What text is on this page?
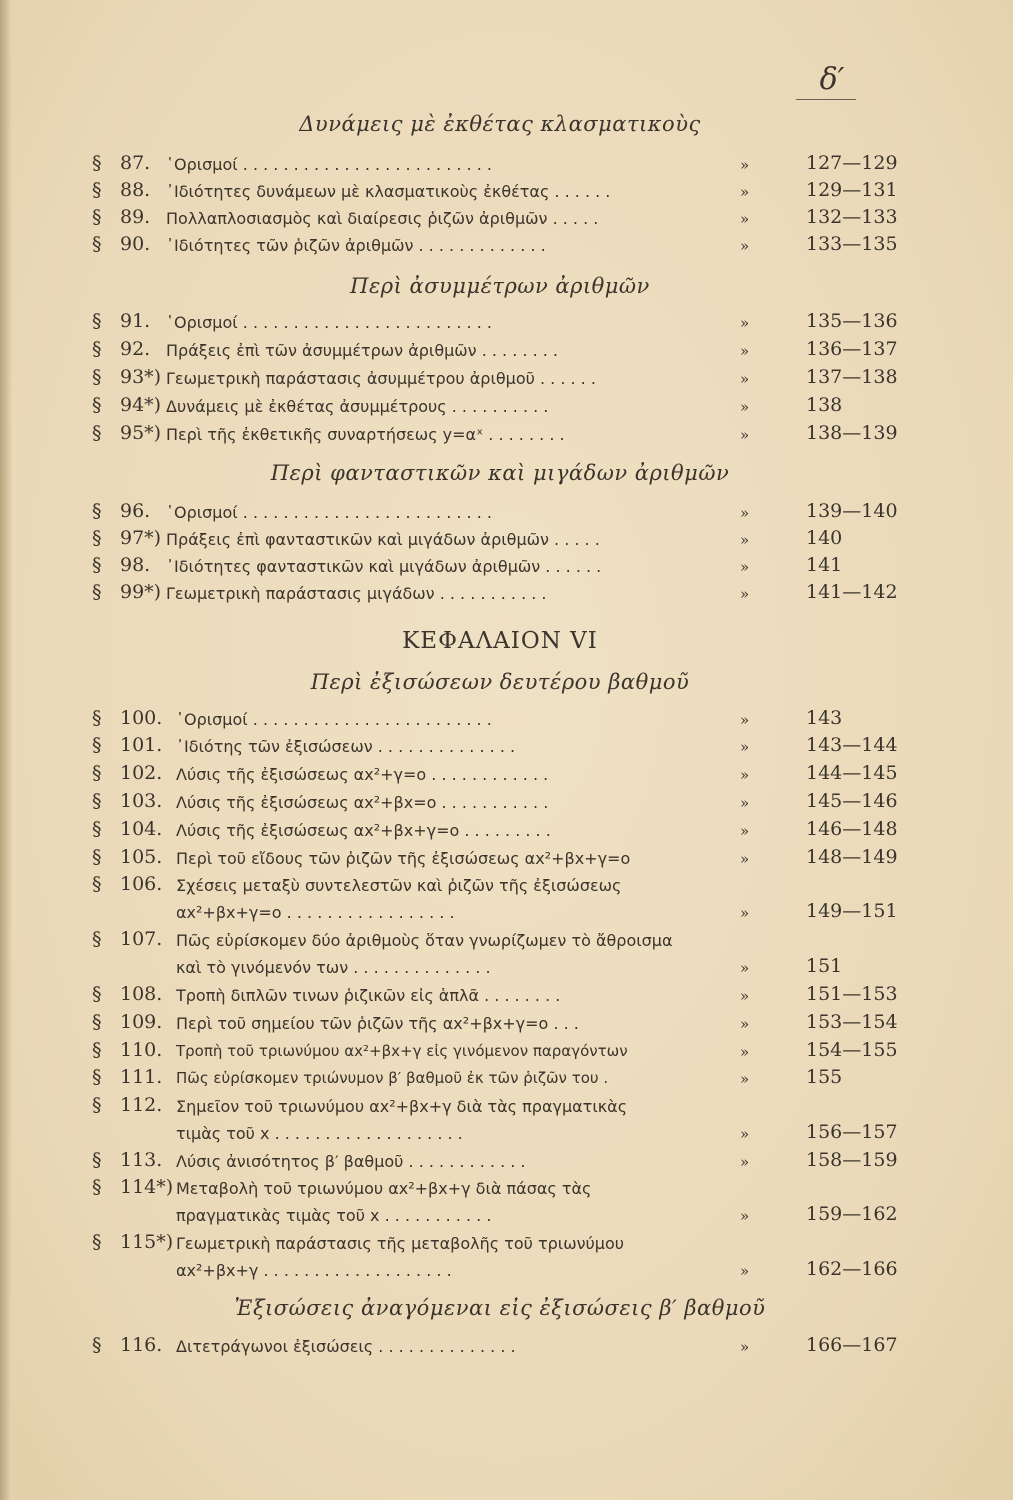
δ′
Δυνάμεις μὲ ἐκθέτας κλασματικοὺς
§ 87. ῾Ορισμοί . . . . . . . . . . . . . . . . . . . . . . . . .	»	127—129
§ 88. ᾿Ιδιότητες δυνάμεων μὲ κλασματικοὺς ἐκθέτας . . . . . .	»	129—131
§ 89. Πολλαπλοσιασμὸς καὶ διαίρεσις ῥιζῶν ἀριθμῶν . . . . .	»	132—133
§ 90. ᾿Ιδιότητες τῶν ῥιζῶν ἀριθμῶν . . . . . . . . . . . . .	»	133—135
Περὶ ἀσυμμέτρων ἀριθμῶν
§ 91. ῾Ορισμοί . . . . . . . . . . . . . . . . . . . . . . . . .	»	135—136
§ 92. Πράξεις ἐπὶ τῶν ἀσυμμέτρων ἀριθμῶν . . . . . . . .	»	136—137
§ 93*) Γεωμετρικὴ παράστασις ἀσυμμέτρου ἀριθμοῦ . . . . . .	»	137—138
§ 94*) Δυνάμεις μὲ ἐκθέτας ἀσυμμέτρους . . . . . . . . . .	»	138
§ 95*) Περὶ τῆς ἐκθετικῆς συναρτήσεως y=αˣ . . . . . . . .	»	138—139
Περὶ φανταστικῶν καὶ μιγάδων ἀριθμῶν
§ 96. ῾Ορισμοί . . . . . . . . . . . . . . . . . . . . . . . . .	»	139—140
§ 97*) Πράξεις ἐπὶ φανταστικῶν καὶ μιγάδων ἀριθμῶν . . . . .	»	140
§ 98. ᾿Ιδιότητες φανταστικῶν καὶ μιγάδων ἀριθμῶν . . . . . .	»	141
§ 99*) Γεωμετρικὴ παράστασις μιγάδων . . . . . . . . . . .	»	141—142
ΚΕΦΑΛΑΙΟΝ VI
Περὶ ἐξισώσεων δευτέρου βαθμοῦ
§ 100. ῾Ορισμοί . . . . . . . . . . . . . . . . . . . . . . . .	»	143
§ 101. ᾿Ιδιότης τῶν ἐξισώσεων . . . . . . . . . . . . . .	»	143—144
§ 102. Λύσις τῆς ἐξισώσεως αx²+γ=ο . . . . . . . . . . . .	»	144—145
§ 103. Λύσις τῆς ἐξισώσεως αx²+βx=ο . . . . . . . . . . .	»	145—146
§ 104. Λύσις τῆς ἐξισώσεως αx²+βx+γ=ο . . . . . . . . .	»	146—148
§ 105. Περὶ τοῦ εἴδους τῶν ῥιζῶν τῆς ἐξισώσεως αx²+βx+γ=ο	»	148—149
§ 106. Σχέσεις μεταξὺ συντελεστῶν καὶ ῥιζῶν τῆς ἐξισώσεως
αx²+βx+γ=ο . . . . . . . . . . . . . . . . .	»	149—151
§ 107. Πῶς εὑρίσκομεν δύο ἀριθμοὺς ὅταν γνωρίζωμεν τὸ ἄθροισμα
καὶ τὸ γινόμενόν των . . . . . . . . . . . . . .	»	151
§ 108. Τροπὴ διπλῶν τινων ῥιζικῶν εἰς ἁπλᾶ . . . . . . . .	»	151—153
§ 109. Περὶ τοῦ σημείου τῶν ῥιζῶν τῆς αx²+βx+γ=ο . . .	»	153—154
§ 110. Τροπὴ τοῦ τριωνύμου αx²+βx+γ εἰς γινόμενον παραγόντων	»	154—155
§ 111. Πῶς εὑρίσκομεν τριώνυμον β′ βαθμοῦ ἐκ τῶν ῥιζῶν του .	»	155
§ 112. Σημεῖον τοῦ τριωνύμου αx²+βx+γ διὰ τὰς πραγματικὰς
τιμὰς τοῦ x . . . . . . . . . . . . . . . . . . .	»	156—157
§ 113. Λύσις ἀνισότητος β′ βαθμοῦ . . . . . . . . . . . .	»	158—159
§ 114*) Μεταβολὴ τοῦ τριωνύμου αx²+βx+γ διὰ πάσας τὰς
πραγματικὰς τιμὰς τοῦ x . . . . . . . . . . .	»	159—162
§ 115*) Γεωμετρικὴ παράστασις τῆς μεταβολῆς τοῦ τριωνύμου
αx²+βx+γ . . . . . . . . . . . . . . . . . . .	»	162—166
Ἐξισώσεις ἀναγόμεναι εἰς ἐξισώσεις β′ βαθμοῦ
§ 116. Διτετράγωνοι ἐξισώσεις . . . . . . . . . . . . . .	»	166—167
